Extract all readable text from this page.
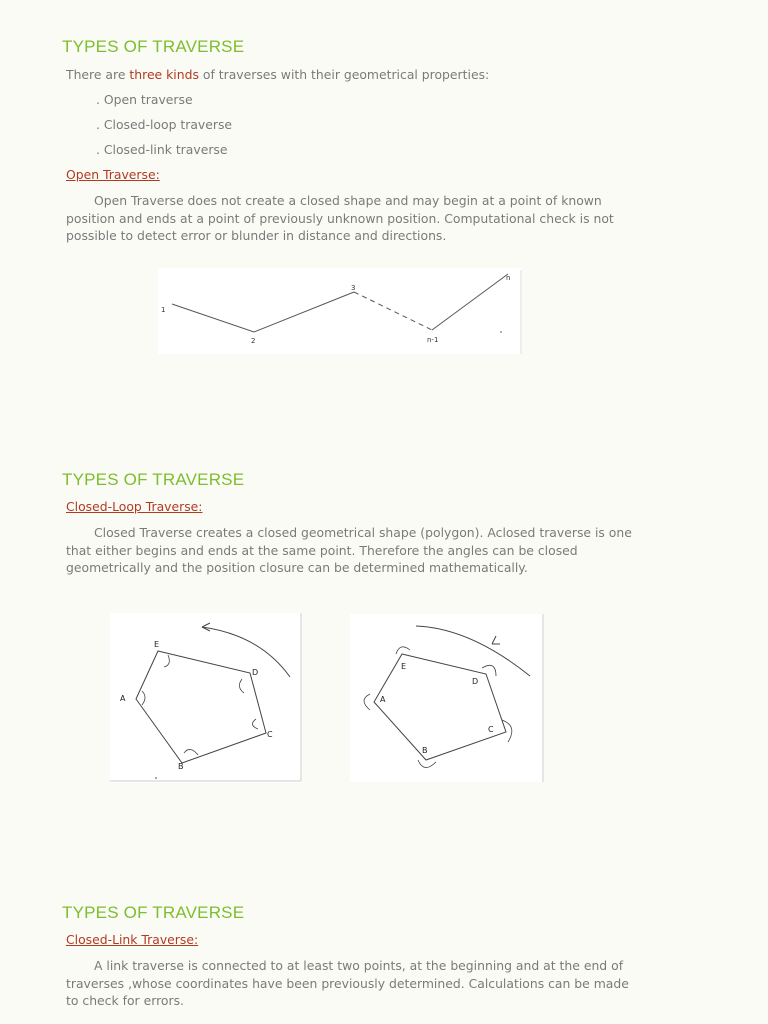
TYPES OF TRAVERSE
There are three kinds of traverses with their geometrical properties:
. Open traverse
. Closed-loop traverse
. Closed-link traverse
Open Traverse:
Open Traverse does not create a closed shape and may begin at a point of known position and ends at a point of previously unknown position. Computational check is not possible to detect error or blunder in distance and directions.
1
2
3
n-1
n
TYPES OF TRAVERSE
Closed-Loop Traverse:
Closed Traverse creates a closed geometrical shape (polygon). Aclosed traverse is one that either begins and ends at the same point. Therefore the angles can be closed geometrically and the position closure can be determined mathematically.
A
B
C
D
E
A
B
C
D
E
TYPES OF TRAVERSE
Closed-Link Traverse:
A link traverse is connected to at least two points, at the beginning and at the end of traverses ,whose coordinates have been previously determined. Calculations can be made to check for errors.
